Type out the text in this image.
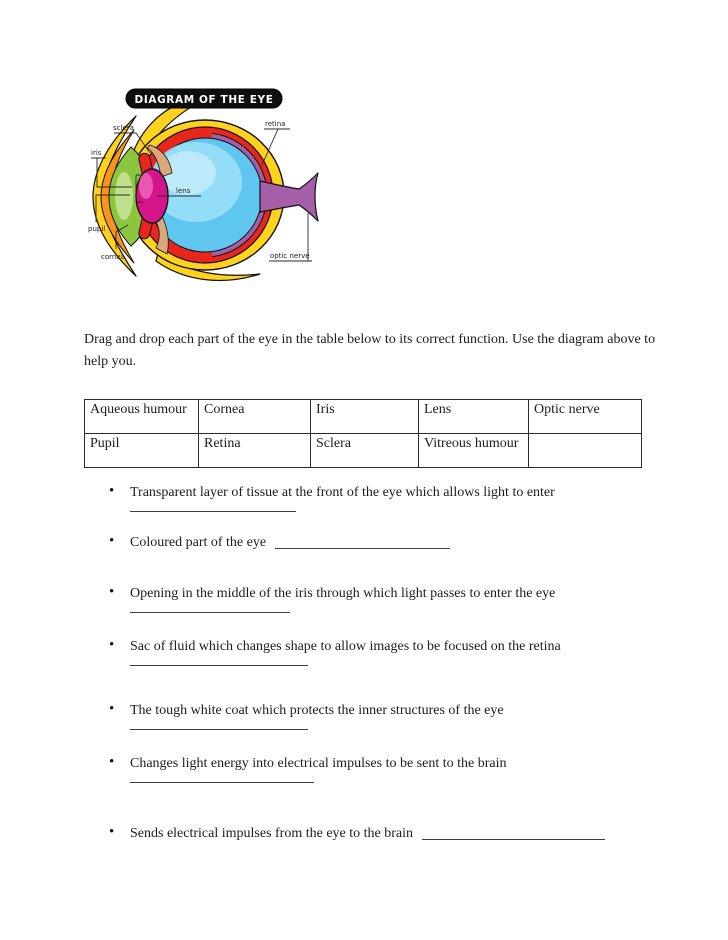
DIAGRAM OF THE EYE
sclera
iris
pupil
cornea
lens
retina
optic nerve
Drag and drop each part of the eye in the table below to its correct function. Use the diagram above to help you.
Aqueous humour	Cornea	Iris	Lens	Optic nerve
Pupil	Retina	Sclera	Vitreous humour	
• Transparent layer of tissue at the front of the eye which allows light to enter
• Coloured part of the eye
• Opening in the middle of the iris through which light passes to enter the eye
• Sac of fluid which changes shape to allow images to be focused on the retina
• The tough white coat which protects the inner structures of the eye
• Changes light energy into electrical impulses to be sent to the brain
• Sends electrical impulses from the eye to the brain
